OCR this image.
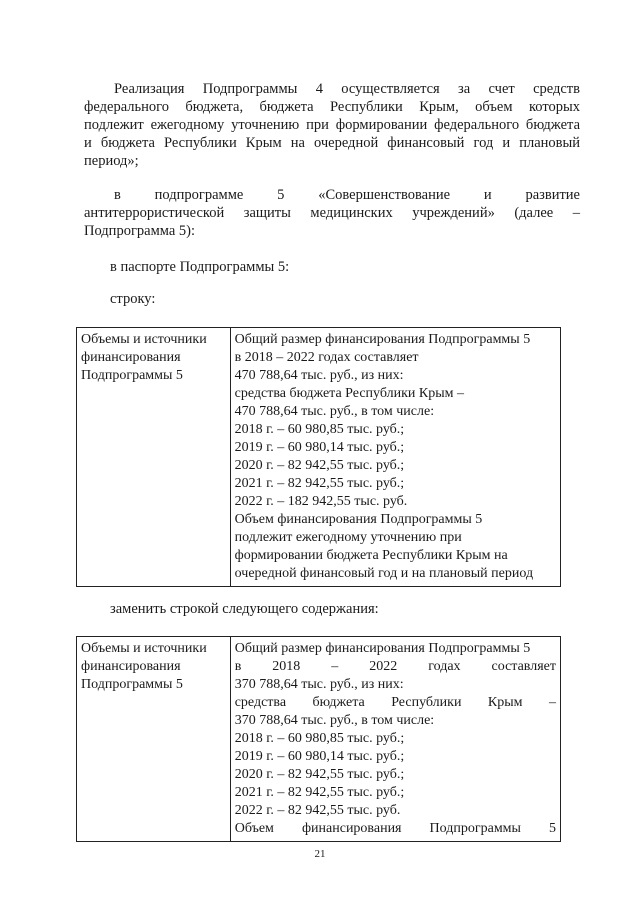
Реализация Подпрограммы 4 осуществляется за счет средств
федерального бюджета, бюджета Республики Крым, объем которых
подлежит ежегодному уточнению при формировании федерального бюджета
и бюджета Республики Крым на очередной финансовый год и плановый
период»;
в подпрограмме 5 «Совершенствование и развитие
антитеррористической защиты медицинских учреждений» (далее –
Подпрограмма 5):

в паспорте Подпрограммы 5:

строку:

Объемы и источники
финансирования
Подпрограммы 5

Общий размер финансирования Подпрограммы 5
в 2018 – 2022 годах составляет
470 788,64 тыс. руб., из них:
средства бюджета Республики Крым –
470 788,64 тыс. руб., в том числе:
2018 г. – 60 980,85 тыс. руб.;
2019 г. – 60 980,14 тыс. руб.;
2020 г. – 82 942,55 тыс. руб.;
2021 г. – 82 942,55 тыс. руб.;
2022 г. – 182 942,55 тыс. руб.
Объем финансирования Подпрограммы 5
подлежит ежегодному уточнению при
формировании бюджета Республики Крым на
очередной финансовый год и на плановый период

заменить строкой следующего содержания:

Объемы и источники
финансирования
Подпрограммы 5

Общий размер финансирования Подпрограммы 5
в 2018 – 2022 годах составляет
370 788,64 тыс. руб., из них:
средства бюджета Республики Крым –
370 788,64 тыс. руб., в том числе:
2018 г. – 60 980,85 тыс. руб.;
2019 г. – 60 980,14 тыс. руб.;
2020 г. – 82 942,55 тыс. руб.;
2021 г. – 82 942,55 тыс. руб.;
2022 г. – 82 942,55 тыс. руб.
Объем финансирования Подпрограммы 5

21
